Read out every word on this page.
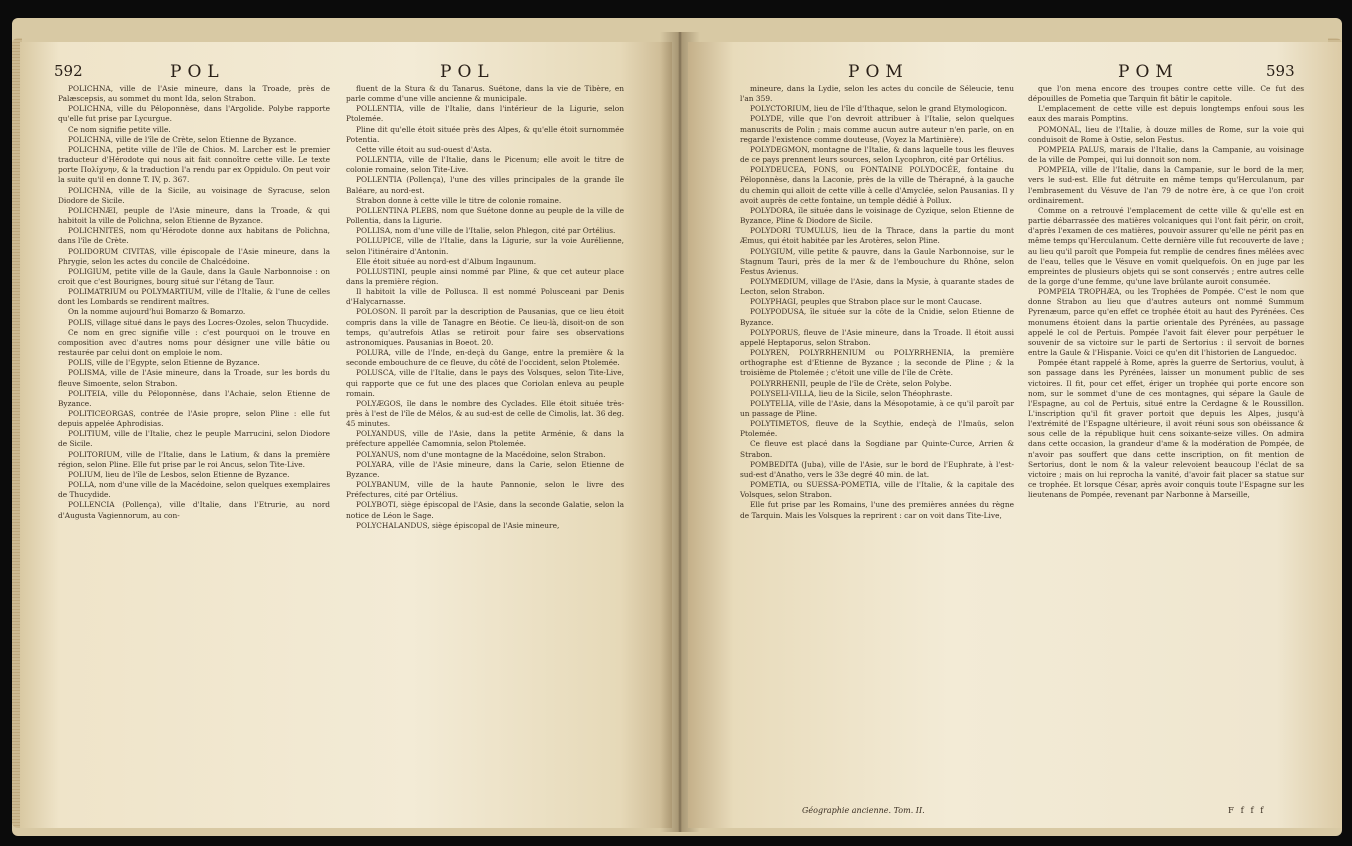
592	POL	POL

POLICHNA, ville de l'Asie mineure, dans la Troade, près de Palæscepsis, au sommet du mont Ida, selon Strabon.

POLICHNA, ville du Péloponnèse, dans l'Argolide. Polybe rapporte qu'elle fut prise par Lycurgue.

Ce nom signifie petite ville.

POLICHNA, ville de l'île de Crète, selon Etienne de Byzance.

POLICHNA, petite ville de l'île de Chios. M. Larcher est le premier traducteur d'Hérodote qui nous ait fait connoître cette ville. Le texte porte Πολίχνην, & la traduction l'a rendu par ex Oppidulo. On peut voir la suite qu'il en donne T. IV, p. 367.

POLICHNA, ville de la Sicile, au voisinage de Syracuse, selon Diodore de Sicile.

POLICHNÆI, peuple de l'Asie mineure, dans la Troade, & qui habitoit la ville de Polichna, selon Etienne de Byzance.

POLICHNITES, nom qu'Hérodote donne aux habitans de Polichna, dans l'île de Crète.

POLIDORUM CIVITAS, ville épiscopale de l'Asie mineure, dans la Phrygie, selon les actes du concile de Chalcédoine.

POLIGIUM, petite ville de la Gaule, dans la Gaule Narbonnoise : on croit que c'est Bourignes, bourg situé sur l'étang de Taur.

POLIMATRIUM ou POLYMARTIUM, ville de l'Italie, & l'une de celles dont les Lombards se rendirent maîtres.

On la nomme aujourd'hui Bomarzo & Bomarzo.

POLIS, village situé dans le pays des Locres-Ozoles, selon Thucydide.

Ce nom en grec signifie ville : c'est pourquoi on le trouve en composition avec d'autres noms pour désigner une ville bâtie ou restaurée par celui dont on emploie le nom.

POLIS, ville de l'Egypte, selon Etienne de Byzance.

POLISMA, ville de l'Asie mineure, dans la Troade, sur les bords du fleuve Simoente, selon Strabon.

POLITEIA, ville du Péloponnèse, dans l'Achaie, selon Etienne de Byzance.

POLITICEORGAS, contrée de l'Asie propre, selon Pline : elle fut depuis appelée Aphrodisias.

POLITIUM, ville de l'Italie, chez le peuple Marrucini, selon Diodore de Sicile.

POLITORIUM, ville de l'Italie, dans le Latium, & dans la première région, selon Pline. Elle fut prise par le roi Ancus, selon Tite-Live.

POLIUM, lieu de l'île de Lesbos, selon Etienne de Byzance.

POLLA, nom d'une ville de la Macédoine, selon quelques exemplaires de Thucydide.

POLLENCIA (Pollença), ville d'Italie, dans l'Etrurie, au nord d'Augusta Vagiennorum, au con-

fluent de la Stura & du Tanarus. Suétone, dans la vie de Tibère, en parle comme d'une ville ancienne & municipale.

POLLENTIA, ville de l'Italie, dans l'intérieur de la Ligurie, selon Ptolemée.

Pline dit qu'elle étoit située près des Alpes, & qu'elle étoit surnommée Potentia.

Cette ville étoit au sud-ouest d'Asta.

POLLENTIA, ville de l'Italie, dans le Picenum; elle avoit le titre de colonie romaine, selon Tite-Live.

POLLENTIA (Pollença), l'une des villes principales de la grande île Baléare, au nord-est.

Strabon donne à cette ville le titre de colonie romaine.

POLLENTINA PLEBS, nom que Suétone donne au peuple de la ville de Pollentia, dans la Ligurie.

POLLISA, nom d'une ville de l'Italie, selon Phlegon, cité par Ortélius.

POLLUPICE, ville de l'Italie, dans la Ligurie, sur la voie Aurélienne, selon l'itinéraire d'Antonin.

Elle étoit située au nord-est d'Album Ingaunum.

POLLUSTINI, peuple ainsi nommé par Pline, & que cet auteur place dans la première région.

Il habitoit la ville de Pollusca. Il est nommé Polusceani par Denis d'Halycarnasse.

POLOSON. Il paroît par la description de Pausanias, que ce lieu étoit compris dans la ville de Tanagre en Béotie. Ce lieu-là, disoit-on de son temps, qu'autrefois Atlas se retiroit pour faire ses observations astronomiques. Pausanias in Boeot. 20.

POLURA, ville de l'Inde, en-deçà du Gange, entre la première & la seconde embouchure de ce fleuve, du côté de l'occident, selon Ptolemée.

POLUSCA, ville de l'Italie, dans le pays des Volsques, selon Tite-Live, qui rapporte que ce fut une des places que Coriolan enleva au peuple romain.

POLYÆGOS, île dans le nombre des Cyclades. Elle étoit située très-près à l'est de l'île de Mélos, & au sud-est de celle de Cimolis, lat. 36 deg. 45 minutes.

POLYANDUS, ville de l'Asie, dans la petite Arménie, & dans la préfecture appellée Camomnia, selon Ptolemée.

POLYANUS, nom d'une montagne de la Macédoine, selon Strabon.

POLYARA, ville de l'Asie mineure, dans la Carie, selon Etienne de Byzance.

POLYBANUM, ville de la haute Pannonie, selon le livre des Préfectures, cité par Ortélius.

POLYBOTI, siège épiscopal de l'Asie, dans la seconde Galatie, selon la notice de Léon le Sage.

POLYCHALANDUS, siège épiscopal de l'Asie mineure,

POM	POM	593

mineure, dans la Lydie, selon les actes du concile de Séleucie, tenu l'an 359.

POLYCTORIUM, lieu de l'île d'Ithaque, selon le grand Etymologicon.

POLYDE, ville que l'on devroit attribuer à l'Italie, selon quelques manuscrits de Polin ; mais comme aucun autre auteur n'en parle, on en regarde l'existence comme douteuse, (Voyez la Martinière).

POLYDEGMON, montagne de l'Italie, & dans laquelle tous les fleuves de ce pays prennent leurs sources, selon Lycophron, cité par Ortélius.

POLYDEUCEA, FONS, ou FONTAINE POLYDOCÉE, fontaine du Péloponnèse, dans la Laconie, près de la ville de Thérapné, à la gauche du chemin qui alloit de cette ville à celle d'Amyclée, selon Pausanias. Il y avoit auprès de cette fontaine, un temple dédié à Pollux.

POLYDORA, île située dans le voisinage de Cyzique, selon Etienne de Byzance, Pline & Diodore de Sicile.

POLYDORI TUMULUS, lieu de la Thrace, dans la partie du mont Æmus, qui étoit habitée par les Arotères, selon Pline.

POLYGIUM, ville petite & pauvre, dans la Gaule Narbonnoise, sur le Stagnum Tauri, près de la mer & de l'embouchure du Rhône, selon Festus Avienus.

POLYMEDIUM, village de l'Asie, dans la Mysie, à quarante stades de Lecton, selon Strabon.

POLYPHAGI, peuples que Strabon place sur le mont Caucase.

POLYPODUSA, île située sur la côte de la Cnidie, selon Etienne de Byzance.

POLYPORUS, fleuve de l'Asie mineure, dans la Troade. Il étoit aussi appelé Heptaporus, selon Strabon.

POLYREN, POLYRRHENIUM ou POLYRRHENIA, la première orthographe est d'Etienne de Byzance ; la seconde de Pline ; & la troisième de Ptolemée ; c'étoit une ville de l'île de Crète.

POLYRRHENII, peuple de l'île de Crète, selon Polybe.

POLYSELI-VILLA, lieu de la Sicile, selon Théophraste.

POLYTELIA, ville de l'Asie, dans la Mésopotamie, à ce qu'il paroît par un passage de Pline.

POLYTIMETOS, fleuve de la Scythie, endeçà de l'Imaüs, selon Ptolemée.

Ce fleuve est placé dans la Sogdiane par Quinte-Curce, Arrien & Strabon.

POMBEDITA (Juba), ville de l'Asie, sur le bord de l'Euphrate, à l'est-sud-est d'Anatho, vers le 33e degré 40 min. de lat.

POMETIA, ou SUESSA-POMETIA, ville de l'Italie, & la capitale des Volsques, selon Strabon.

Elle fut prise par les Romains, l'une des premières années du règne de Tarquin. Mais les Volsques la reprirent : car on voit dans Tite-Live,

que l'on mena encore des troupes contre cette ville. Ce fut des dépouilles de Pometia que Tarquin fit bâtir le capitole.

L'emplacement de cette ville est depuis longtemps enfoui sous les eaux des marais Pomptins.

POMONAL, lieu de l'Italie, à douze milles de Rome, sur la voie qui conduisoit de Rome à Ostie, selon Festus.

POMPEIA PALUS, marais de l'Italie, dans la Campanie, au voisinage de la ville de Pompei, qui lui donnoit son nom.

POMPEIA, ville de l'Italie, dans la Campanie, sur le bord de la mer, vers le sud-est. Elle fut détruite en même temps qu'Herculanum, par l'embrasement du Vésuve de l'an 79 de notre ère, à ce que l'on croit ordinairement.

Comme on a retrouvé l'emplacement de cette ville & qu'elle est en partie débarrassée des matières volcaniques qui l'ont fait périr, on croit, d'après l'examen de ces matières, pouvoir assurer qu'elle ne périt pas en même temps qu'Herculanum. Cette dernière ville fut recouverte de lave ; au lieu qu'il paroît que Pompeia fut remplie de cendres fines mêlées avec de l'eau, telles que le Vésuve en vomit quelquefois. On en juge par les empreintes de plusieurs objets qui se sont conservés ; entre autres celle de la gorge d'une femme, qu'une lave brûlante auroit consumée.

POMPEIA TROPHÆA, ou les Trophées de Pompée. C'est le nom que donne Strabon au lieu que d'autres auteurs ont nommé Summum Pyrenæum, parce qu'en effet ce trophée étoit au haut des Pyrénées. Ces monumens étoient dans la partie orientale des Pyrénées, au passage appelé le col de Pertuis. Pompée l'avoit fait élever pour perpétuer le souvenir de sa victoire sur le parti de Sertorius : il servoit de bornes entre la Gaule & l'Hispanie. Voici ce qu'en dit l'historien de Languedoc.

Pompée étant rappelé à Rome, après la guerre de Sertorius, voulut, à son passage dans les Pyrénées, laisser un monument public de ses victoires. Il fit, pour cet effet, ériger un trophée qui porte encore son nom, sur le sommet d'une de ces montagnes, qui sépare la Gaule de l'Espagne, au col de Pertuis, situé entre la Cerdagne & le Roussillon. L'inscription qu'il fit graver portoit que depuis les Alpes, jusqu'à l'extrémité de l'Espagne ultérieure, il avoit réuni sous son obéissance & sous celle de la république huit cens soixante-seize villes. On admira dans cette occasion, la grandeur d'ame & la modération de Pompée, de n'avoir pas souffert que dans cette inscription, on fit mention de Sertorius, dont le nom & la valeur relevoient beaucoup l'éclat de sa victoire ; mais on lui reprocha la vanité, d'avoir fait placer sa statue sur ce trophée. Et lorsque César, après avoir conquis toute l'Espagne sur les lieutenans de Pompée, revenant par Narbonne à Marseille,

Géographie ancienne. Tom. II.	F f f f
